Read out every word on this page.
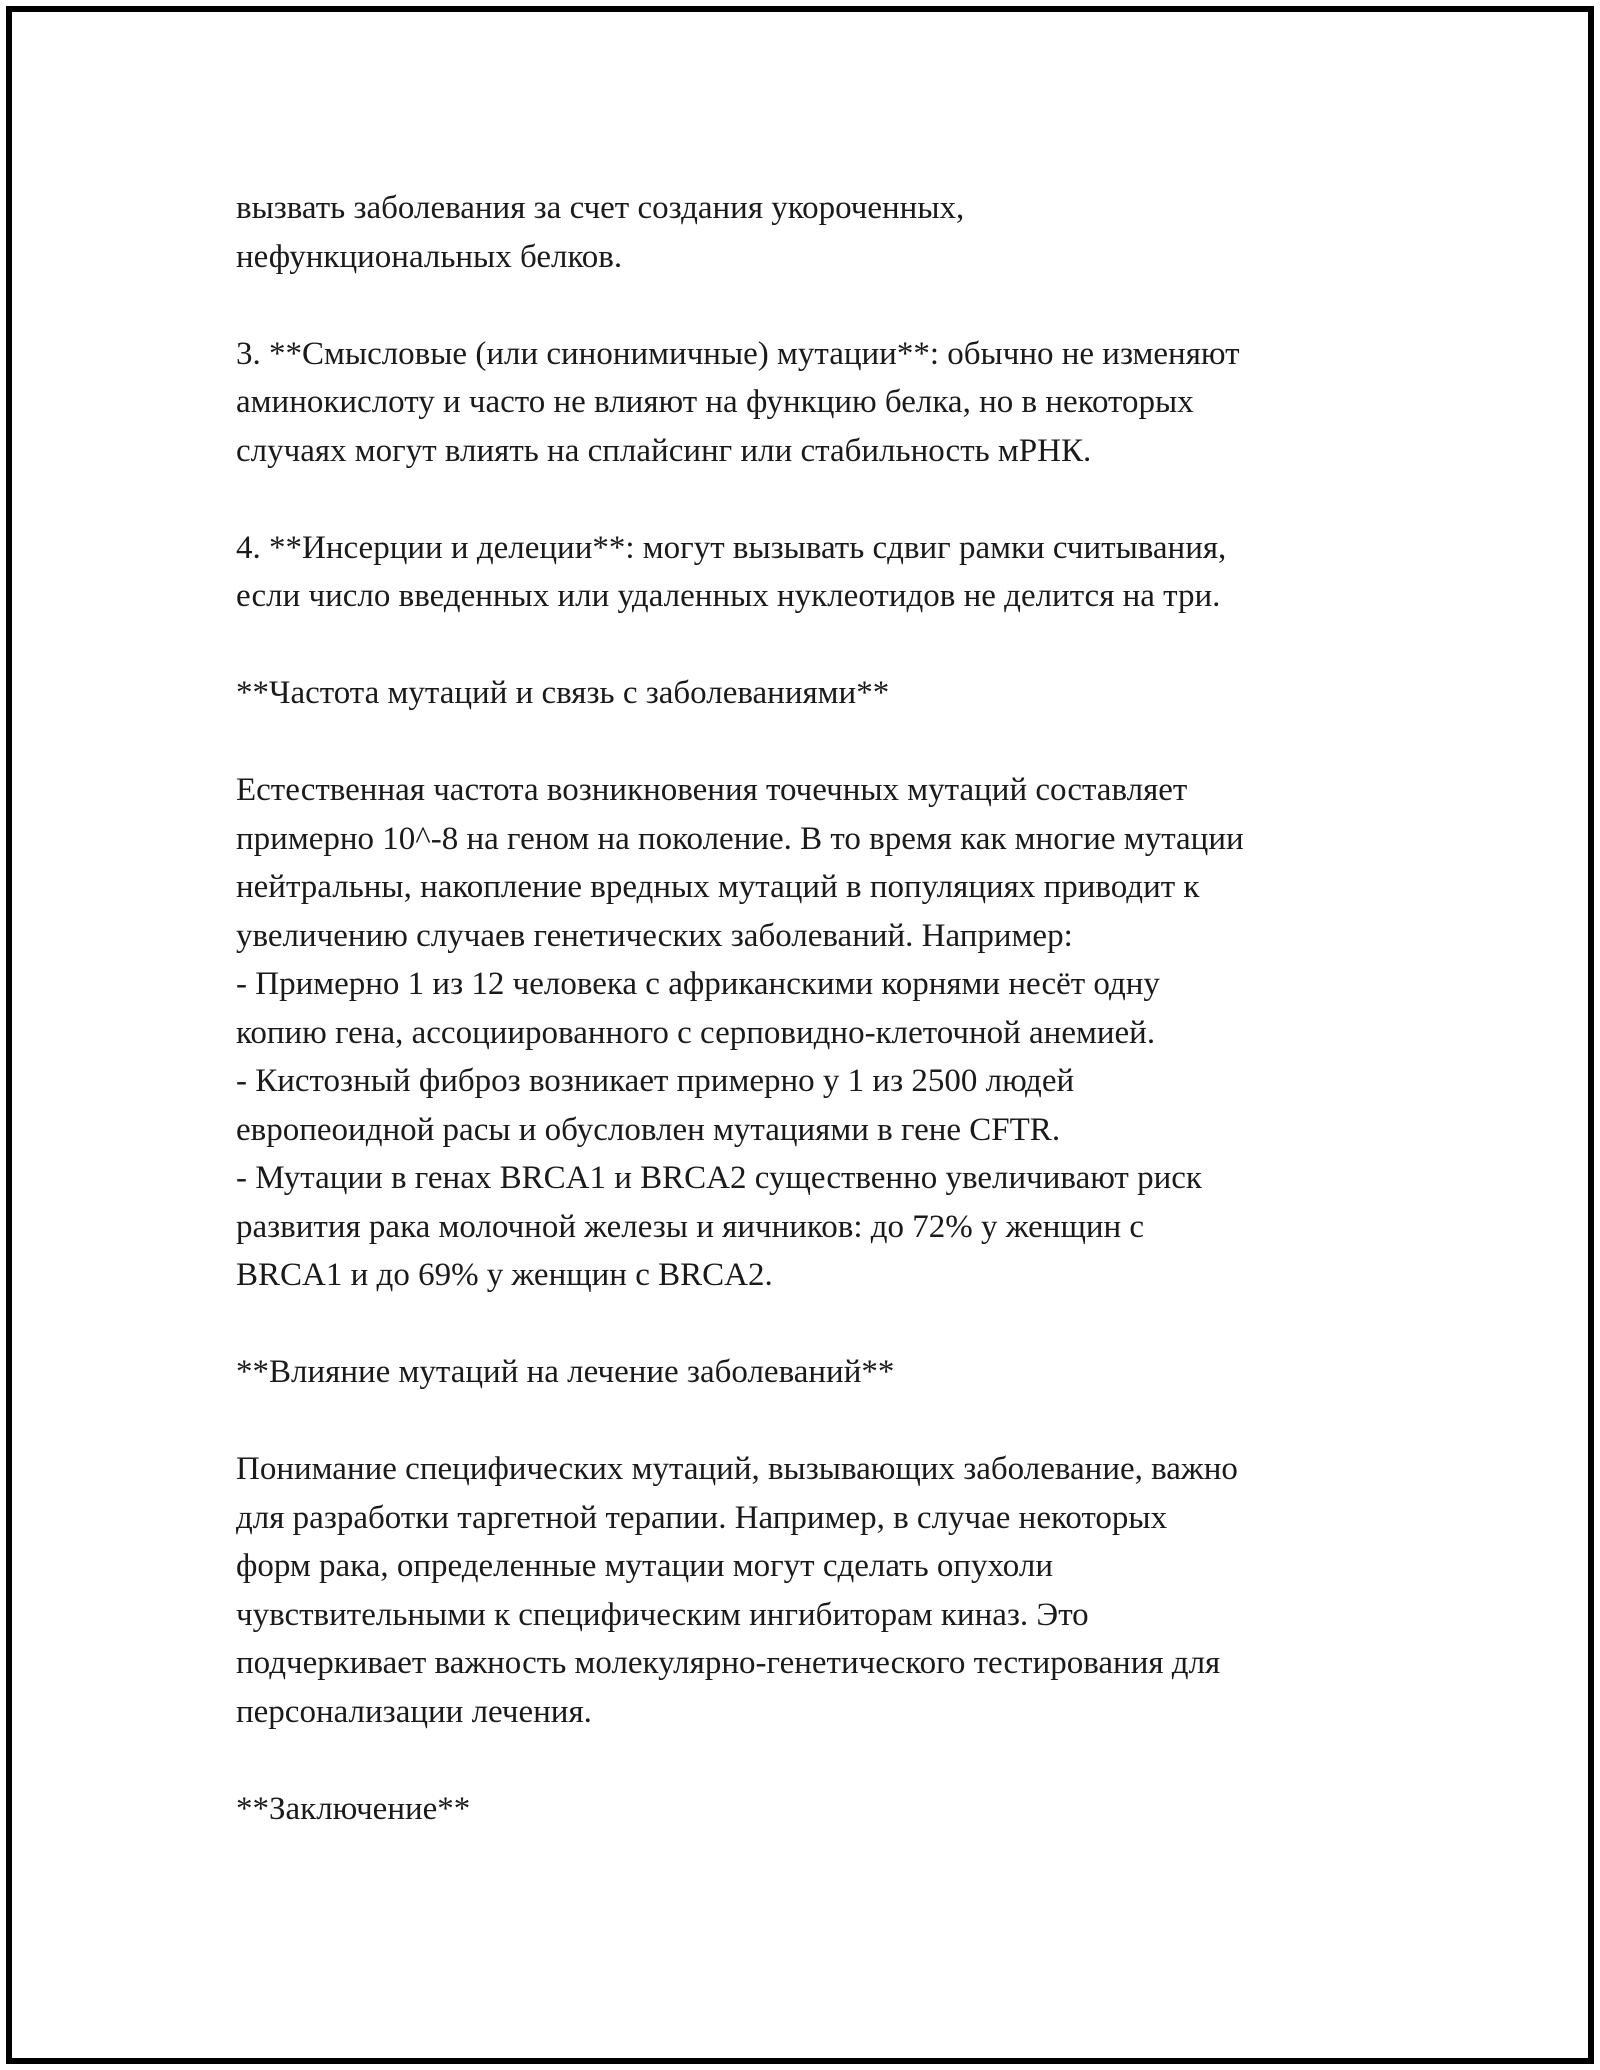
вызвать заболевания за счет создания укороченных,
нефункциональных белков.
3. **Смысловые (или синонимичные) мутации**: обычно не изменяют
аминокислоту и часто не влияют на функцию белка, но в некоторых
случаях могут влиять на сплайсинг или стабильность мРНК.
4. **Инсерции и делеции**: могут вызывать сдвиг рамки считывания,
если число введенных или удаленных нуклеотидов не делится на три.
**Частота мутаций и связь с заболеваниями**
Естественная частота возникновения точечных мутаций составляет
примерно 10^-8 на геном на поколение. В то время как многие мутации
нейтральны, накопление вредных мутаций в популяциях приводит к
увеличению случаев генетических заболеваний. Например:
- Примерно 1 из 12 человека с африканскими корнями несёт одну
копию гена, ассоциированного с серповидно-клеточной анемией.
- Кистозный фиброз возникает примерно у 1 из 2500 людей
европеоидной расы и обусловлен мутациями в гене CFTR.
- Мутации в генах BRCA1 и BRCA2 существенно увеличивают риск
развития рака молочной железы и яичников: до 72% у женщин с
BRCA1 и до 69% у женщин с BRCA2.
**Влияние мутаций на лечение заболеваний**
Понимание специфических мутаций, вызывающих заболевание, важно
для разработки таргетной терапии. Например, в случае некоторых
форм рака, определенные мутации могут сделать опухоли
чувствительными к специфическим ингибиторам киназ. Это
подчеркивает важность молекулярно-генетического тестирования для
персонализации лечения.
**Заключение**
